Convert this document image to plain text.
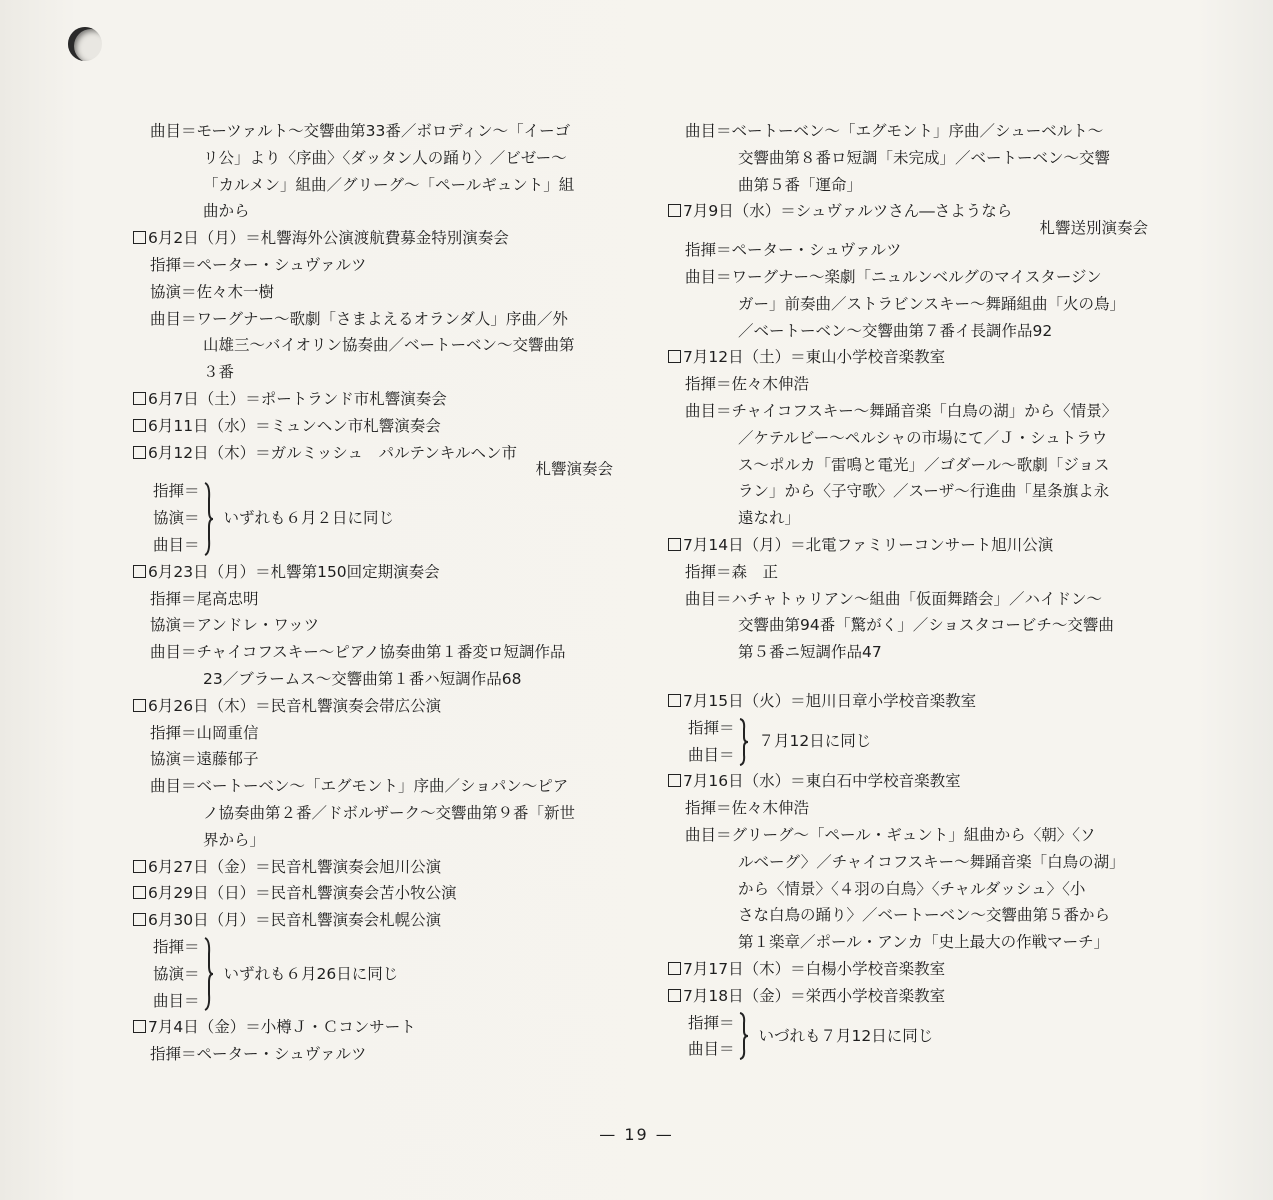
曲目＝モーツァルト～交響曲第33番／ボロディン～「イーゴ
リ公」より〈序曲〉〈ダッタン人の踊り〉／ビゼー～
「カルメン」組曲／グリーグ～「ペールギュント」組
曲から
6月2日（月）＝札響海外公演渡航費募金特別演奏会
指揮＝ペーター・シュヴァルツ
協演＝佐々木一樹
曲目＝ワーグナー～歌劇「さまよえるオランダ人」序曲／外
山雄三～バイオリン協奏曲／ベートーベン～交響曲第
３番
6月7日（土）＝ポートランド市札響演奏会
6月11日（水）＝ミュンヘン市札響演奏会
6月12日（木）＝ガルミッシュ　パルテンキルヘン市
札響演奏会
指揮＝
協演＝
曲目＝
いずれも６月２日に同じ
6月23日（月）＝札響第150回定期演奏会
指揮＝尾高忠明
協演＝アンドレ・ワッツ
曲目＝チャイコフスキー～ピアノ協奏曲第１番変ロ短調作品
23／ブラームス～交響曲第１番ハ短調作品68
6月26日（木）＝民音札響演奏会帯広公演
指揮＝山岡重信
協演＝遠藤郁子
曲目＝ベートーベン～「エグモント」序曲／ショパン～ピア
ノ協奏曲第２番／ドボルザーク～交響曲第９番「新世
界から」
6月27日（金）＝民音札響演奏会旭川公演
6月29日（日）＝民音札響演奏会苫小牧公演
6月30日（月）＝民音札響演奏会札幌公演
指揮＝
協演＝
曲目＝
いずれも６月26日に同じ
7月4日（金）＝小樽Ｊ・Ｃコンサート
指揮＝ペーター・シュヴァルツ
曲目＝ベートーベン～「エグモント」序曲／シューベルト～
交響曲第８番ロ短調「未完成」／ベートーベン～交響
曲第５番「運命」
7月9日（水）＝シュヴァルツさん―さようなら
札響送別演奏会
指揮＝ペーター・シュヴァルツ
曲目＝ワーグナー～楽劇「ニュルンベルグのマイスタージン
ガー」前奏曲／ストラビンスキー～舞踊組曲「火の鳥」
／ベートーベン～交響曲第７番イ長調作品92
7月12日（土）＝東山小学校音楽教室
指揮＝佐々木伸浩
曲目＝チャイコフスキー～舞踊音楽「白鳥の湖」から〈情景〉
／ケテルビー～ペルシャの市場にて／Ｊ・シュトラウ
ス～ポルカ「雷鳴と電光」／ゴダール～歌劇「ジョス
ラン」から〈子守歌〉／スーザ～行進曲「星条旗よ永
遠なれ」
7月14日（月）＝北電ファミリーコンサート旭川公演
指揮＝森　正
曲目＝ハチャトゥリアン～組曲「仮面舞踏会」／ハイドン～
交響曲第94番「驚がく」／ショスタコービチ～交響曲
第５番ニ短調作品47
7月15日（火）＝旭川日章小学校音楽教室
指揮＝
曲目＝
７月12日に同じ
7月16日（水）＝東白石中学校音楽教室
指揮＝佐々木伸浩
曲目＝グリーグ～「ペール・ギュント」組曲から〈朝〉〈ソ
ルベーグ〉／チャイコフスキー～舞踊音楽「白鳥の湖」
から〈情景〉〈４羽の白鳥〉〈チャルダッシュ〉〈小
さな白鳥の踊り〉／ベートーベン～交響曲第５番から
第１楽章／ポール・アンカ「史上最大の作戦マーチ」
7月17日（木）＝白楊小学校音楽教室
7月18日（金）＝栄西小学校音楽教室
指揮＝
曲目＝
いづれも７月12日に同じ
— 19 —
